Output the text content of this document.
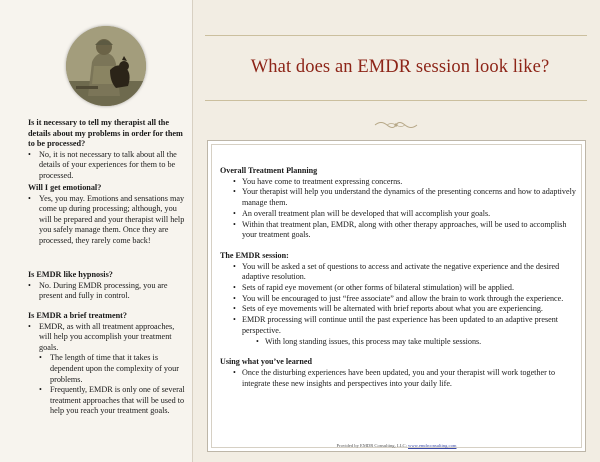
Is it necessary to tell my therapist all the details about my problems in order for them to be processed?
• No, it is not necessary to talk about all the details of your experiences for them to be processed.
Will I get emotional?
• Yes, you may. Emotions and sensations may come up during processing; although, you will be prepared and your therapist will help you safely manage them. Once they are processed, they rarely come back!
Is EMDR like hypnosis?
• No. During EMDR processing, you are present and fully in control.
Is EMDR a brief treatment?
• EMDR, as with all treatment approaches, will help you accomplish your treatment goals.
• The length of time that it takes is dependent upon the complexity of your problems.
• Frequently, EMDR is only one of several treatment approaches that will be used to help you reach your treatment goals.
What does an EMDR session look like?
Overall Treatment Planning
• You have come to treatment expressing concerns.
• Your therapist will help you understand the dynamics of the presenting concerns and how to adaptively manage them.
• An overall treatment plan will be developed that will accomplish your goals.
• Within that treatment plan, EMDR, along with other therapy approaches, will be used to accomplish your treatment goals.
The EMDR session:
• You will be asked a set of questions to access and activate the negative experience and the desired adaptive resolution.
• Sets of rapid eye movement (or other forms of bilateral stimulation) will be applied.
• You will be encouraged to just “free associate” and allow the brain to work through the experience.
• Sets of eye movements will be alternated with brief reports about what you are experiencing.
• EMDR processing will continue until the past experience has been updated to an adaptive present perspective.
• With long standing issues, this process may take multiple sessions.
Using what you’ve learned
• Once the disturbing experiences have been updated, you and your therapist will work together to integrate these new insights and perspectives into your daily life.
Provided by EMDR Consulting, LLC; www.emdrconsulting.com
